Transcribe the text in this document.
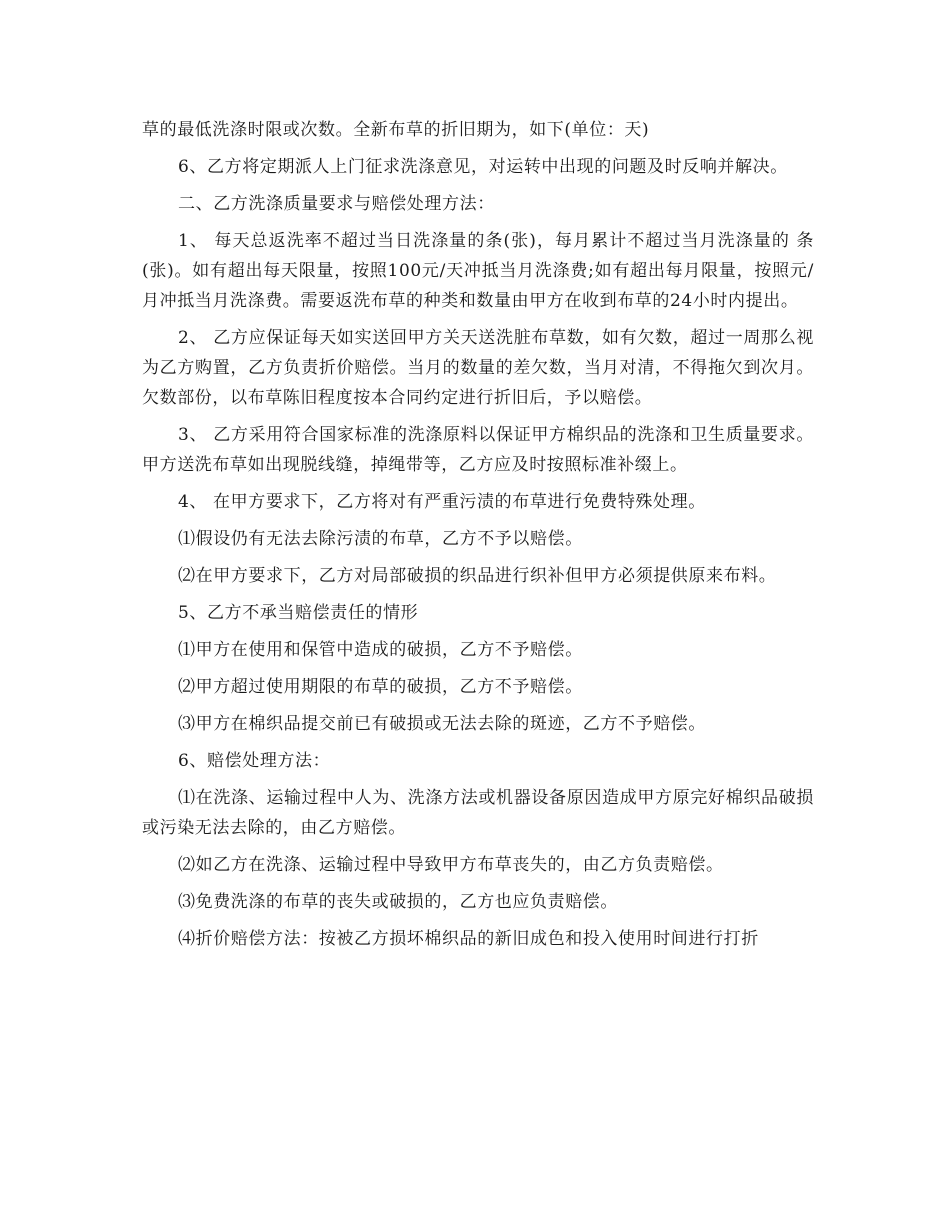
草的最低洗涤时限或次数。全新布草的折旧期为，如下(单位：天)

6、乙方将定期派人上门征求洗涤意见，对运转中出现的问题及时反响并解决。

二、乙方洗涤质量要求与赔偿处理方法：

1、 每天总返洗率不超过当日洗涤量的条(张)，每月累计不超过当月洗涤量的 条(张)。如有超出每天限量，按照100元/天冲抵当月洗涤费;如有超出每月限量，按照元/月冲抵当月洗涤费。需要返洗布草的种类和数量由甲方在收到布草的24小时内提出。

2、 乙方应保证每天如实送回甲方关天送洗脏布草数，如有欠数，超过一周那么视为乙方购置，乙方负责折价赔偿。当月的数量的差欠数，当月对清，不得拖欠到次月。欠数部份，以布草陈旧程度按本合同约定进行折旧后，予以赔偿。

3、 乙方采用符合国家标准的洗涤原料以保证甲方棉织品的洗涤和卫生质量要求。甲方送洗布草如出现脱线缝，掉绳带等，乙方应及时按照标准补缀上。

4、 在甲方要求下，乙方将对有严重污渍的布草进行免费特殊处理。

⑴假设仍有无法去除污渍的布草，乙方不予以赔偿。

⑵在甲方要求下，乙方对局部破损的织品进行织补但甲方必须提供原来布料。

5、乙方不承当赔偿责任的情形

⑴甲方在使用和保管中造成的破损，乙方不予赔偿。

⑵甲方超过使用期限的布草的破损，乙方不予赔偿。

⑶甲方在棉织品提交前已有破损或无法去除的斑迹，乙方不予赔偿。

6、赔偿处理方法：

⑴在洗涤、运输过程中人为、洗涤方法或机器设备原因造成甲方原完好棉织品破损或污染无法去除的，由乙方赔偿。

⑵如乙方在洗涤、运输过程中导致甲方布草丧失的，由乙方负责赔偿。

⑶免费洗涤的布草的丧失或破损的，乙方也应负责赔偿。

⑷折价赔偿方法：按被乙方损坏棉织品的新旧成色和投入使用时间进行打折
